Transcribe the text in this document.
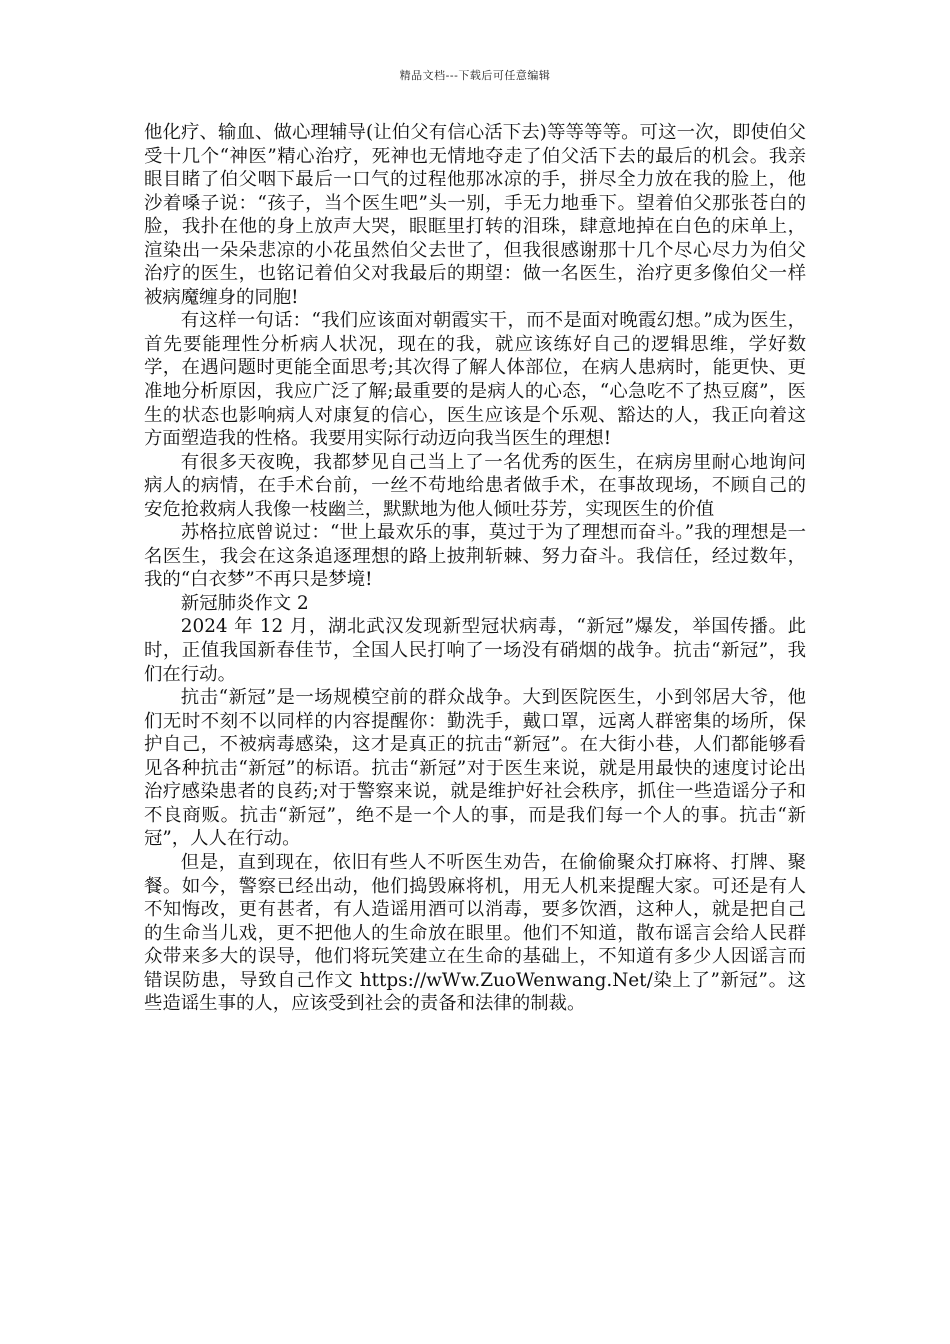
精品文档---下载后可任意编辑

他化疗、输血、做心理辅导(让伯父有信心活下去)等等等等。可这一次，即使伯父受十几个“神医”精心治疗，死神也无情地夺走了伯父活下去的最后的机会。我亲眼目睹了伯父咽下最后一口气的过程他那冰凉的手，拼尽全力放在我的脸上，他沙着嗓子说：“孩子，当个医生吧”头一别，手无力地垂下。望着伯父那张苍白的脸，我扑在他的身上放声大哭，眼眶里打转的泪珠，肆意地掉在白色的床单上，渲染出一朵朵悲凉的小花虽然伯父去世了，但我很感谢那十几个尽心尽力为伯父治疗的医生，也铭记着伯父对我最后的期望：做一名医生，治疗更多像伯父一样被病魔缠身的同胞!

有这样一句话：“我们应该面对朝霞实干，而不是面对晚霞幻想。”成为医生，首先要能理性分析病人状况，现在的我，就应该练好自己的逻辑思维，学好数学，在遇问题时更能全面思考;其次得了解人体部位，在病人患病时，能更快、更准地分析原因，我应广泛了解;最重要的是病人的心态，“心急吃不了热豆腐”，医生的状态也影响病人对康复的信心，医生应该是个乐观、豁达的人，我正向着这方面塑造我的性格。我要用实际行动迈向我当医生的理想!

有很多天夜晚，我都梦见自己当上了一名优秀的医生，在病房里耐心地询问病人的病情，在手术台前，一丝不苟地给患者做手术，在事故现场，不顾自己的安危抢救病人我像一枝幽兰，默默地为他人倾吐芬芳，实现医生的价值

苏格拉底曾说过：“世上最欢乐的事，莫过于为了理想而奋斗。”我的理想是一名医生，我会在这条追逐理想的路上披荆斩棘、努力奋斗。我信任，经过数年，我的“白衣梦”不再只是梦境!

新冠肺炎作文 2

2024 年 12 月，湖北武汉发现新型冠状病毒，“新冠”爆发，举国传播。此时，正值我国新春佳节，全国人民打响了一场没有硝烟的战争。抗击“新冠”，我们在行动。

抗击“新冠”是一场规模空前的群众战争。大到医院医生，小到邻居大爷，他们无时不刻不以同样的内容提醒你：勤洗手，戴口罩，远离人群密集的场所，保护自己，不被病毒感染，这才是真正的抗击“新冠”。在大街小巷，人们都能够看见各种抗击“新冠”的标语。抗击“新冠”对于医生来说，就是用最快的速度讨论出治疗感染患者的良药;对于警察来说，就是维护好社会秩序，抓住一些造谣分子和不良商贩。抗击“新冠”，绝不是一个人的事，而是我们每一个人的事。抗击“新冠”，人人在行动。

但是，直到现在，依旧有些人不听医生劝告，在偷偷聚众打麻将、打牌、聚餐。如今，警察已经出动，他们捣毁麻将机，用无人机来提醒大家。可还是有人不知悔改，更有甚者，有人造谣用酒可以消毒，要多饮酒，这种人，就是把自己的生命当儿戏，更不把他人的生命放在眼里。他们不知道，散布谣言会给人民群众带来多大的误导，他们将玩笑建立在生命的基础上，不知道有多少人因谣言而错误防患，导致自己作文 https://wWw.ZuoWenwang.Net/染上了”新冠”。这些造谣生事的人，应该受到社会的责备和法律的制裁。
